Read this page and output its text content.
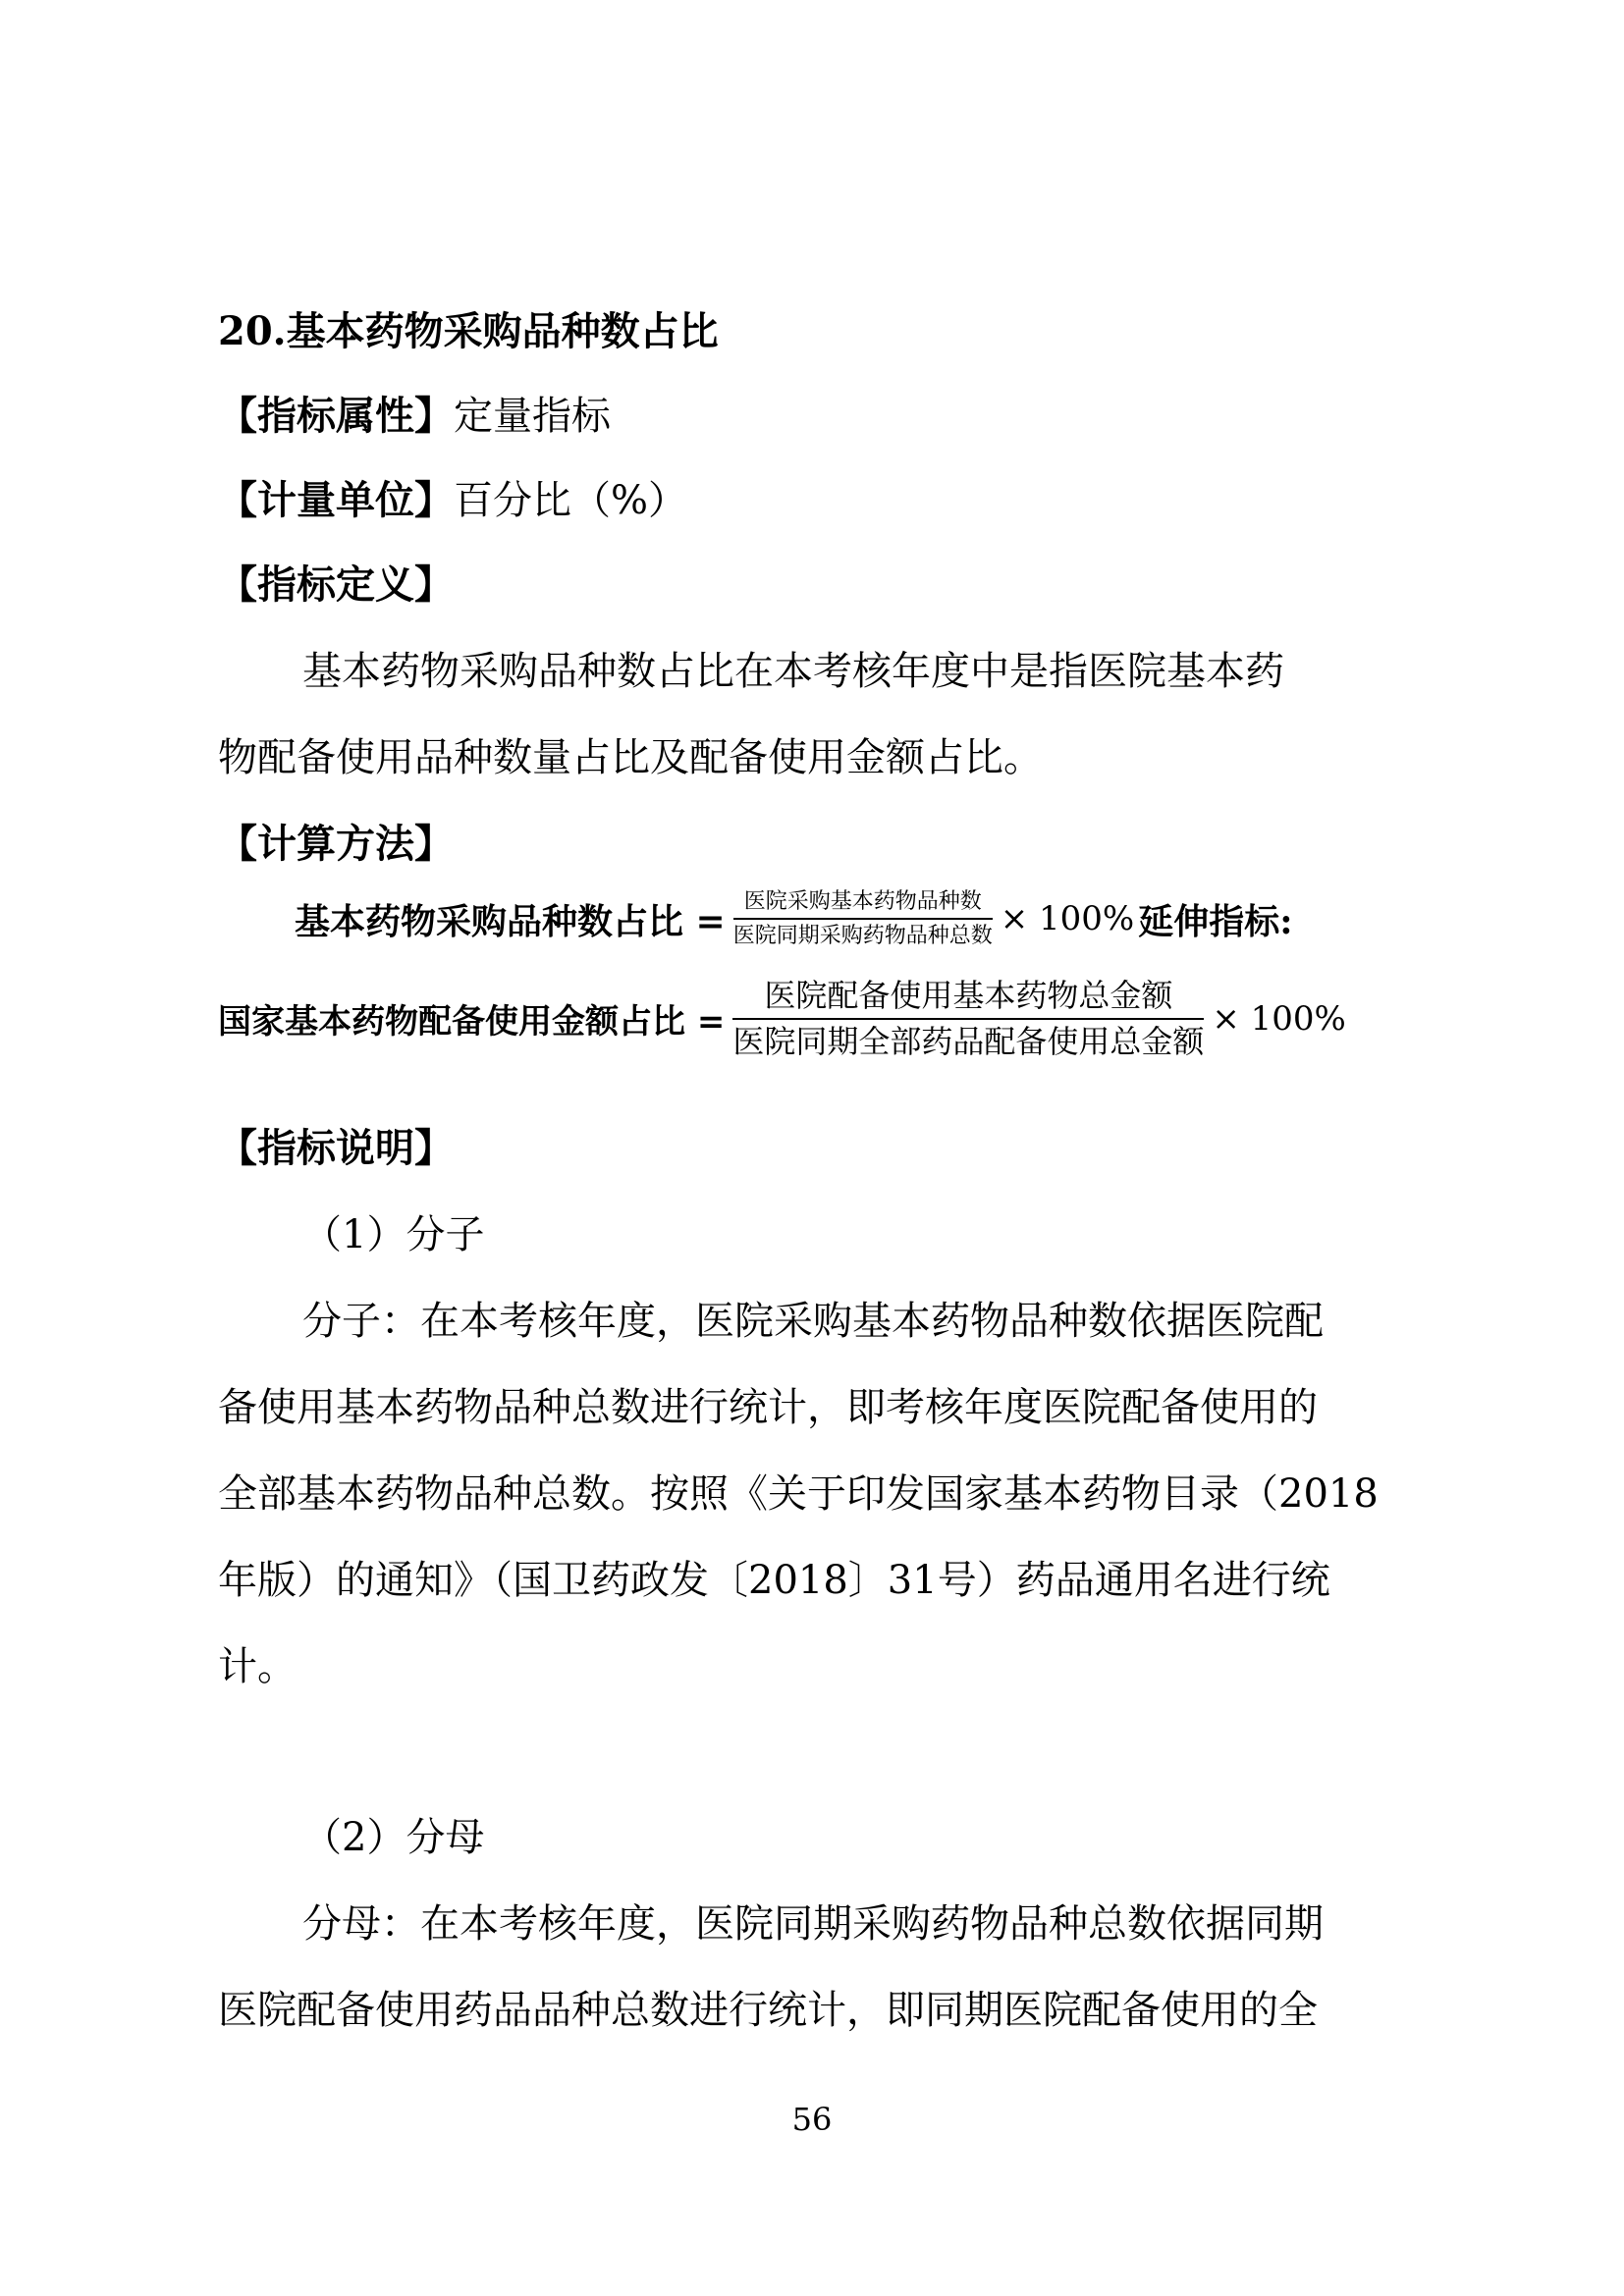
20.基本药物采购品种数占比
【指标属性】定量指标
【计量单位】百分比（%）
【指标定义】
基本药物采购品种数占比在本考核年度中是指医院基本药
物配备使用品种数量占比及配备使用金额占比。
【计算方法】
基本药物采购品种数占比 = $\frac{\text{医院采购基本药物品种数}}{\text{医院同期采购药物品种总数}} \times 100\%$ 延伸指标:
国家基本药物配备使用金额占比 = $\frac{\text{医院配备使用基本药物总金额}}{\text{医院同期全部药品配备使用总金额}} \times 100\%$
【指标说明】
（1）分子
分子：在本考核年度，医院采购基本药物品种数依据医院配
备使用基本药物品种总数进行统计，即考核年度医院配备使用的
全部基本药物品种总数。按照《关于印发国家基本药物目录（2018
年版）的通知》（国卫药政发〔2018〕31号）药品通用名进行统
计。
（2）分母
分母：在本考核年度，医院同期采购药物品种总数依据同期
医院配备使用药品品种总数进行统计，即同期医院配备使用的全
56
